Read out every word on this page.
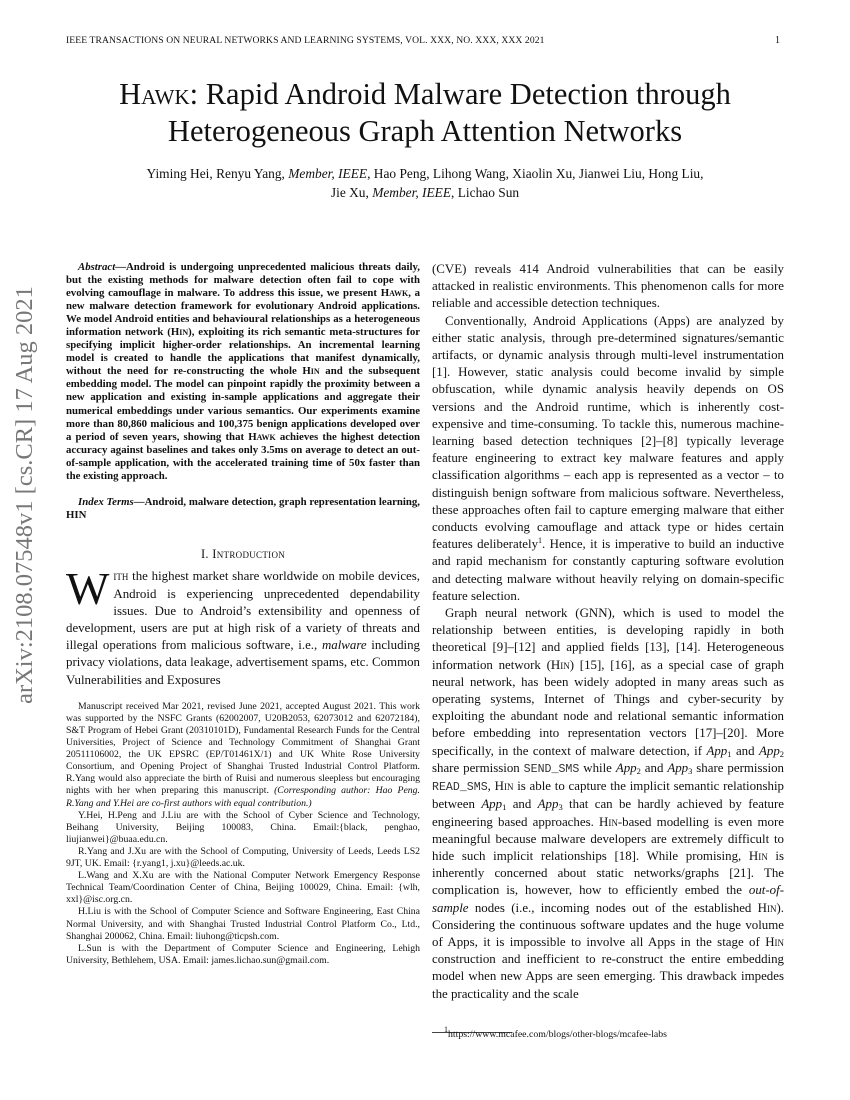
IEEE TRANSACTIONS ON NEURAL NETWORKS AND LEARNING SYSTEMS, VOL. XXX, NO. XXX, XXX 2021	1
Hawk: Rapid Android Malware Detection through
Heterogeneous Graph Attention Networks
Yiming Hei, Renyu Yang, Member, IEEE, Hao Peng, Lihong Wang, Xiaolin Xu, Jianwei Liu, Hong Liu,
Jie Xu, Member, IEEE, Lichao Sun
arXiv:2108.07548v1 [cs.CR] 17 Aug 2021

Abstract—Android is undergoing unprecedented malicious threats daily, but the existing methods for malware detection often fail to cope with evolving camouflage in malware. To address this issue, we present Hawk, a new malware detection framework for evolutionary Android applications. We model Android entities and behavioural relationships as a heterogeneous information network (Hin), exploiting its rich semantic meta-structures for specifying implicit higher-order relationships. An incremental learning model is created to handle the applications that manifest dynamically, without the need for re-constructing the whole Hin and the subsequent embedding model. The model can pinpoint rapidly the proximity between a new application and existing in-sample applications and aggregate their numerical embeddings under various semantics. Our experiments examine more than 80,860 malicious and 100,375 benign applications developed over a period of seven years, showing that Hawk achieves the highest detection accuracy against baselines and takes only 3.5ms on average to detect an out-of-sample application, with the accelerated training time of 50x faster than the existing approach.

Index Terms—Android, malware detection, graph representation learning, HIN

I. Introduction

With the highest market share worldwide on mobile devices, Android is experiencing unprecedented dependability issues. Due to Android’s extensibility and openness of development, users are put at high risk of a variety of threats and illegal operations from malicious software, i.e., malware including privacy violations, data leakage, advertisement spams, etc. Common Vulnerabilities and Exposures

Manuscript received Mar 2021, revised June 2021, accepted August 2021. This work was supported by the NSFC Grants (62002007, U20B2053, 62073012 and 62072184), S&T Program of Hebei Grant (20310101D), Fundamental Research Funds for the Central Universities, Project of Science and Technology Commitment of Shanghai Grant 20511106002, the UK EPSRC (EP/T01461X/1) and UK White Rose University Consortium, and Opening Project of Shanghai Trusted Industrial Control Platform. R.Yang would also appreciate the birth of Ruisi and numerous sleepless but encouraging nights with her when preparing this manuscript. (Corresponding author: Hao Peng. R.Yang and Y.Hei are co-first authors with equal contribution.)

Y.Hei, H.Peng and J.Liu are with the School of Cyber Science and Technology, Beihang University, Beijing 100083, China. Email:{black, penghao, liujianwei}@buaa.edu.cn.

R.Yang and J.Xu are with the School of Computing, University of Leeds, Leeds LS2 9JT, UK. Email: {r.yang1, j.xu}@leeds.ac.uk.

L.Wang and X.Xu are with the National Computer Network Emergency Response Technical Team/Coordination Center of China, Beijing 100029, China. Email: {wlh, xxl}@isc.org.cn.

H.Liu is with the School of Computer Science and Software Engineering, East China Normal University, and with Shanghai Trusted Industrial Control Platform Co., Ltd., Shanghai 200062, China. Email: liuhong@ticpsh.com.

L.Sun is with the Department of Computer Science and Engineering, Lehigh University, Bethlehem, USA. Email: james.lichao.sun@gmail.com.

(CVE) reveals 414 Android vulnerabilities that can be easily attacked in realistic environments. This phenomenon calls for more reliable and accessible detection techniques.

Conventionally, Android Applications (Apps) are analyzed by either static analysis, through pre-determined signatures/semantic artifacts, or dynamic analysis through multi-level instrumentation [1]. However, static analysis could become invalid by simple obfuscation, while dynamic analysis heavily depends on OS versions and the Android runtime, which is inherently cost-expensive and time-consuming. To tackle this, numerous machine-learning based detection techniques [2]–[8] typically leverage feature engineering to extract key malware features and apply classification algorithms – each app is represented as a vector – to distinguish benign software from malicious software. Nevertheless, these approaches often fail to capture emerging malware that either conducts evolving camouflage and attack type or hides certain features deliberately$^1$. Hence, it is imperative to build an inductive and rapid mechanism for constantly capturing software evolution and detecting malware without heavily relying on domain-specific feature selection.

Graph neural network (GNN), which is used to model the relationship between entities, is developing rapidly in both theoretical [9]–[12] and applied fields [13], [14]. Heterogeneous information network (Hin) [15], [16], as a special case of graph neural network, has been widely adopted in many areas such as operating systems, Internet of Things and cyber-security by exploiting the abundant node and relational semantic information before embedding into representation vectors [17]–[20]. More specifically, in the context of malware detection, if App$_1$ and App$_2$ share permission SEND_SMS while App$_2$ and App$_3$ share permission READ_SMS, Hin is able to capture the implicit semantic relationship between App$_1$ and App$_3$ that can be hardly achieved by feature engineering based approaches. Hin-based modelling is even more meaningful because malware developers are extremely difficult to hide such implicit relationships [18]. While promising, Hin is inherently concerned about static networks/graphs [21]. The complication is, however, how to efficiently embed the out-of-sample nodes (i.e., incoming nodes out of the established Hin). Considering the continuous software updates and the huge volume of Apps, it is impossible to involve all Apps in the stage of Hin construction and inefficient to re-construct the entire embedding model when new Apps are seen emerging. This drawback impedes the practicality and the scale

$^1$https://www.mcafee.com/blogs/other-blogs/mcafee-labs
